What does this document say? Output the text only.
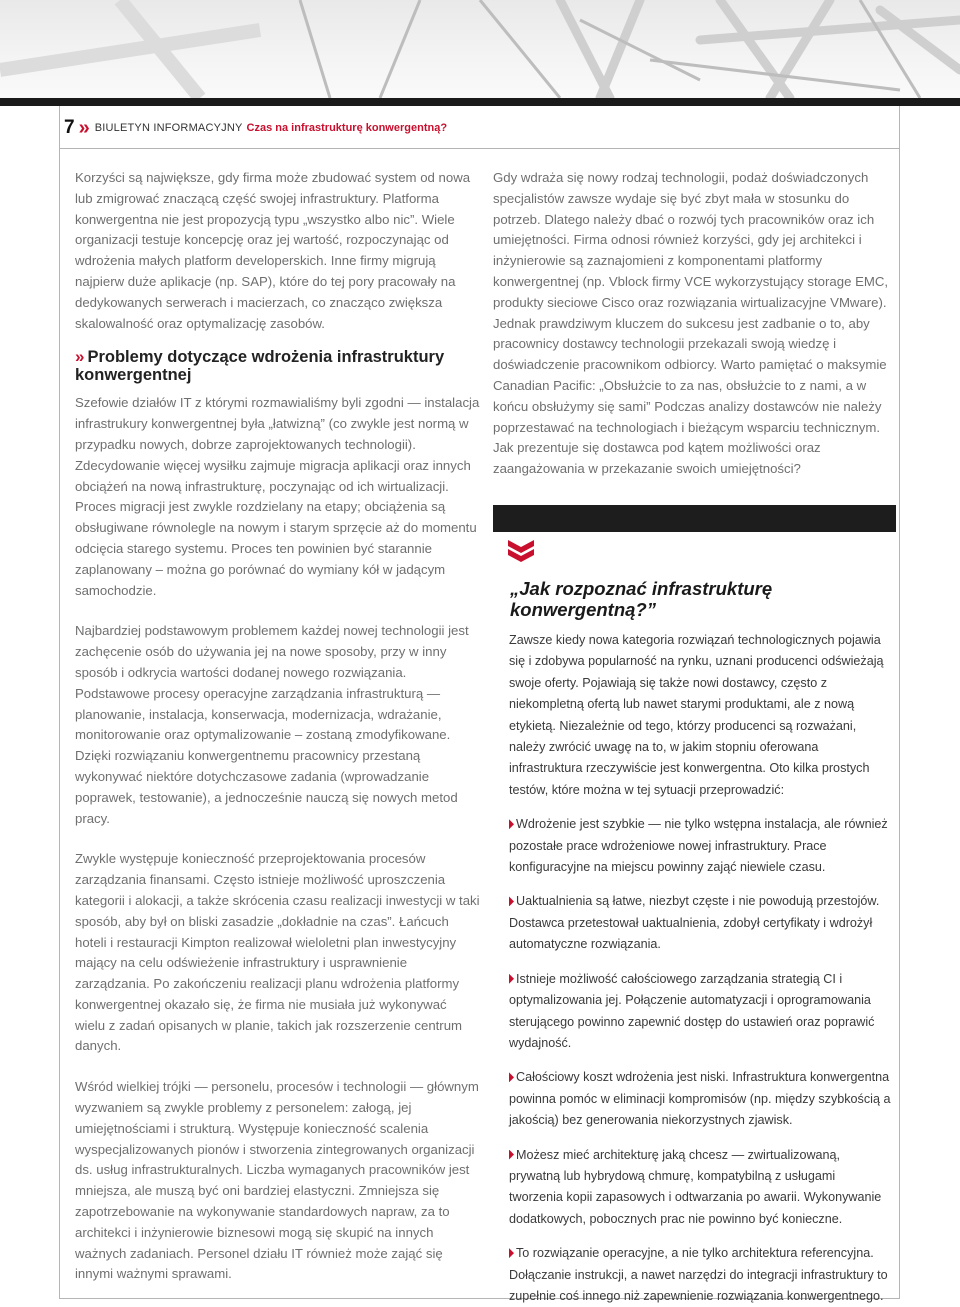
7 » BIULETYN INFORMACYJNY Czas na infrastrukturę konwergentną?

Korzyści są największe, gdy firma może zbudować system od nowa lub zmigrować znaczącą część swojej infrastruktury. Platforma konwergentna nie jest propozycją typu „wszystko albo nic”. Wiele organizacji testuje koncepcję oraz jej wartość, rozpoczynając od wdrożenia małych platform developerskich. Inne firmy migrują najpierw duże aplikacje (np. SAP), które do tej pory pracowały na dedykowanych serwerach i macierzach, co znacząco zwiększa skalowalność oraz optymalizację zasobów.

» Problemy dotyczące wdrożenia infrastruktury konwergentnej

Szefowie działów IT z którymi rozmawialiśmy byli zgodni — instalacja infrastrukury konwergentnej była „łatwizną” (co zwykle jest normą w przypadku nowych, dobrze zaprojektowanych technologii). Zdecydowanie więcej wysiłku zajmuje migracja aplikacji oraz innych obciążeń na nową infrastrukturę, poczynając od ich wirtualizacji. Proces migracji jest zwykle rozdzielany na etapy; obciążenia są obsługiwane równolegle na nowym i starym sprzęcie aż do momentu odcięcia starego systemu. Proces ten powinien być starannie zaplanowany – można go porównać do wymiany kół w jadącym samochodzie.

Najbardziej podstawowym problemem każdej nowej technologii jest zachęcenie osób do używania jej na nowe sposoby, przy w inny sposób i odkrycia wartości dodanej nowego rozwiązania. Podstawowe procesy operacyjne zarządzania infrastrukturą — planowanie, instalacja, konserwacja, modernizacja, wdrażanie, monitorowanie oraz optymalizowanie – zostaną zmodyfikowane. Dzięki rozwiązaniu konwergentnemu pracownicy przestaną wykonywać niektóre dotychczasowe zadania (wprowadzanie poprawek, testowanie), a jednocześnie nauczą się nowych metod pracy.

Zwykle występuje konieczność przeprojektowania procesów zarządzania finansami. Często istnieje możliwość uproszczenia kategorii i alokacji, a także skrócenia czasu realizacji inwestycji w taki sposób, aby był on bliski zasadzie „dokładnie na czas”. Łańcuch hoteli i restauracji Kimpton realizował wieloletni plan inwestycyjny mający na celu odświeżenie infrastruktury i usprawnienie zarządzania. Po zakończeniu realizacji planu wdrożenia platformy konwergentnej okazało się, że firma nie musiała już wykonywać wielu z zadań opisanych w planie, takich jak rozszerzenie centrum danych.

Wśród wielkiej trójki — personelu, procesów i technologii — głównym wyzwaniem są zwykle problemy z personelem: załogą, jej umiejętnościami i strukturą. Występuje konieczność scalenia wyspecjalizowanych pionów i stworzenia zintegrowanych organizacji ds. usług infrastrukturalnych. Liczba wymaganych pracowników jest mniejsza, ale muszą być oni bardziej elastyczni. Zmniejsza się zapotrzebowanie na wykonywanie standardowych napraw, za to architekci i inżynierowie biznesowi mogą się skupić na innych ważnych zadaniach. Personel działu IT również może zająć się innymi ważnymi sprawami.

Gdy wdraża się nowy rodzaj technologii, podaż doświadczonych specjalistów zawsze wydaje się być zbyt mała w stosunku do potrzeb. Dlatego należy dbać o rozwój tych pracowników oraz ich umiejętności. Firma odnosi również korzyści, gdy jej architekci i inżynierowie są zaznajomieni z komponentami platformy konwergentnej (np. Vblock firmy VCE wykorzystujący storage EMC, produkty sieciowe Cisco oraz rozwiązania wirtualizacyjne VMware). Jednak prawdziwym kluczem do sukcesu jest zadbanie o to, aby pracownicy dostawcy technologii przekazali swoją wiedzę i doświadczenie pracownikom odbiorcy. Warto pamiętać o maksymie Canadian Pacific: „Obsłużcie to za nas, obsłużcie to z nami, a w końcu obsłużymy się sami” Podczas analizy dostawców nie należy poprzestawać na technologiach i bieżącym wsparciu technicznym. Jak prezentuje się dostawca pod kątem możliwości oraz zaangażowania w przekazanie swoich umiejętności?

„Jak rozpoznać infrastrukturę konwergentną?”

Zawsze kiedy nowa kategoria rozwiązań technologicznych pojawia się i zdobywa popularność na rynku, uznani producenci odświeżają swoje oferty. Pojawiają się także nowi dostawcy, często z niekompletną ofertą lub nawet starymi produktami, ale z nową etykietą. Niezależnie od tego, którzy producenci są rozważani, należy zwrócić uwagę na to, w jakim stopniu oferowana infrastruktura rzeczywiście jest konwergentna. Oto kilka prostych testów, które można w tej sytuacji przeprowadzić:

Wdrożenie jest szybkie — nie tylko wstępna instalacja, ale również pozostałe prace wdrożeniowe nowej infrastruktury. Prace konfiguracyjne na miejscu powinny zająć niewiele czasu.

Uaktualnienia są łatwe, niezbyt częste i nie powodują przestojów. Dostawca przetestował uaktualnienia, zdobył certyfikaty i wdrożył automatyczne rozwiązania.

Istnieje możliwość całościowego zarządzania strategią CI i optymalizowania jej. Połączenie automatyzacji i oprogramowania sterującego powinno zapewnić dostęp do ustawień oraz poprawić wydajność.

Całościowy koszt wdrożenia jest niski. Infrastruktura konwergentna powinna pomóc w eliminacji kompromisów (np. między szybkością a jakością) bez generowania niekorzystnych zjawisk.

Możesz mieć architekturę jaką chcesz — zwirtualizowaną, prywatną lub hybrydową chmurę, kompatybilną z usługami tworzenia kopii zapasowych i odtwarzania po awarii. Wykonywanie dodatkowych, pobocznych prac nie powinno być konieczne.

To rozwiązanie operacyjne, a nie tylko architektura referencyjna. Dołączanie instrukcji, a nawet narzędzi do integracji infrastruktury to zupełnie coś innego niż zapewnienie rozwiązania konwergentnego.
